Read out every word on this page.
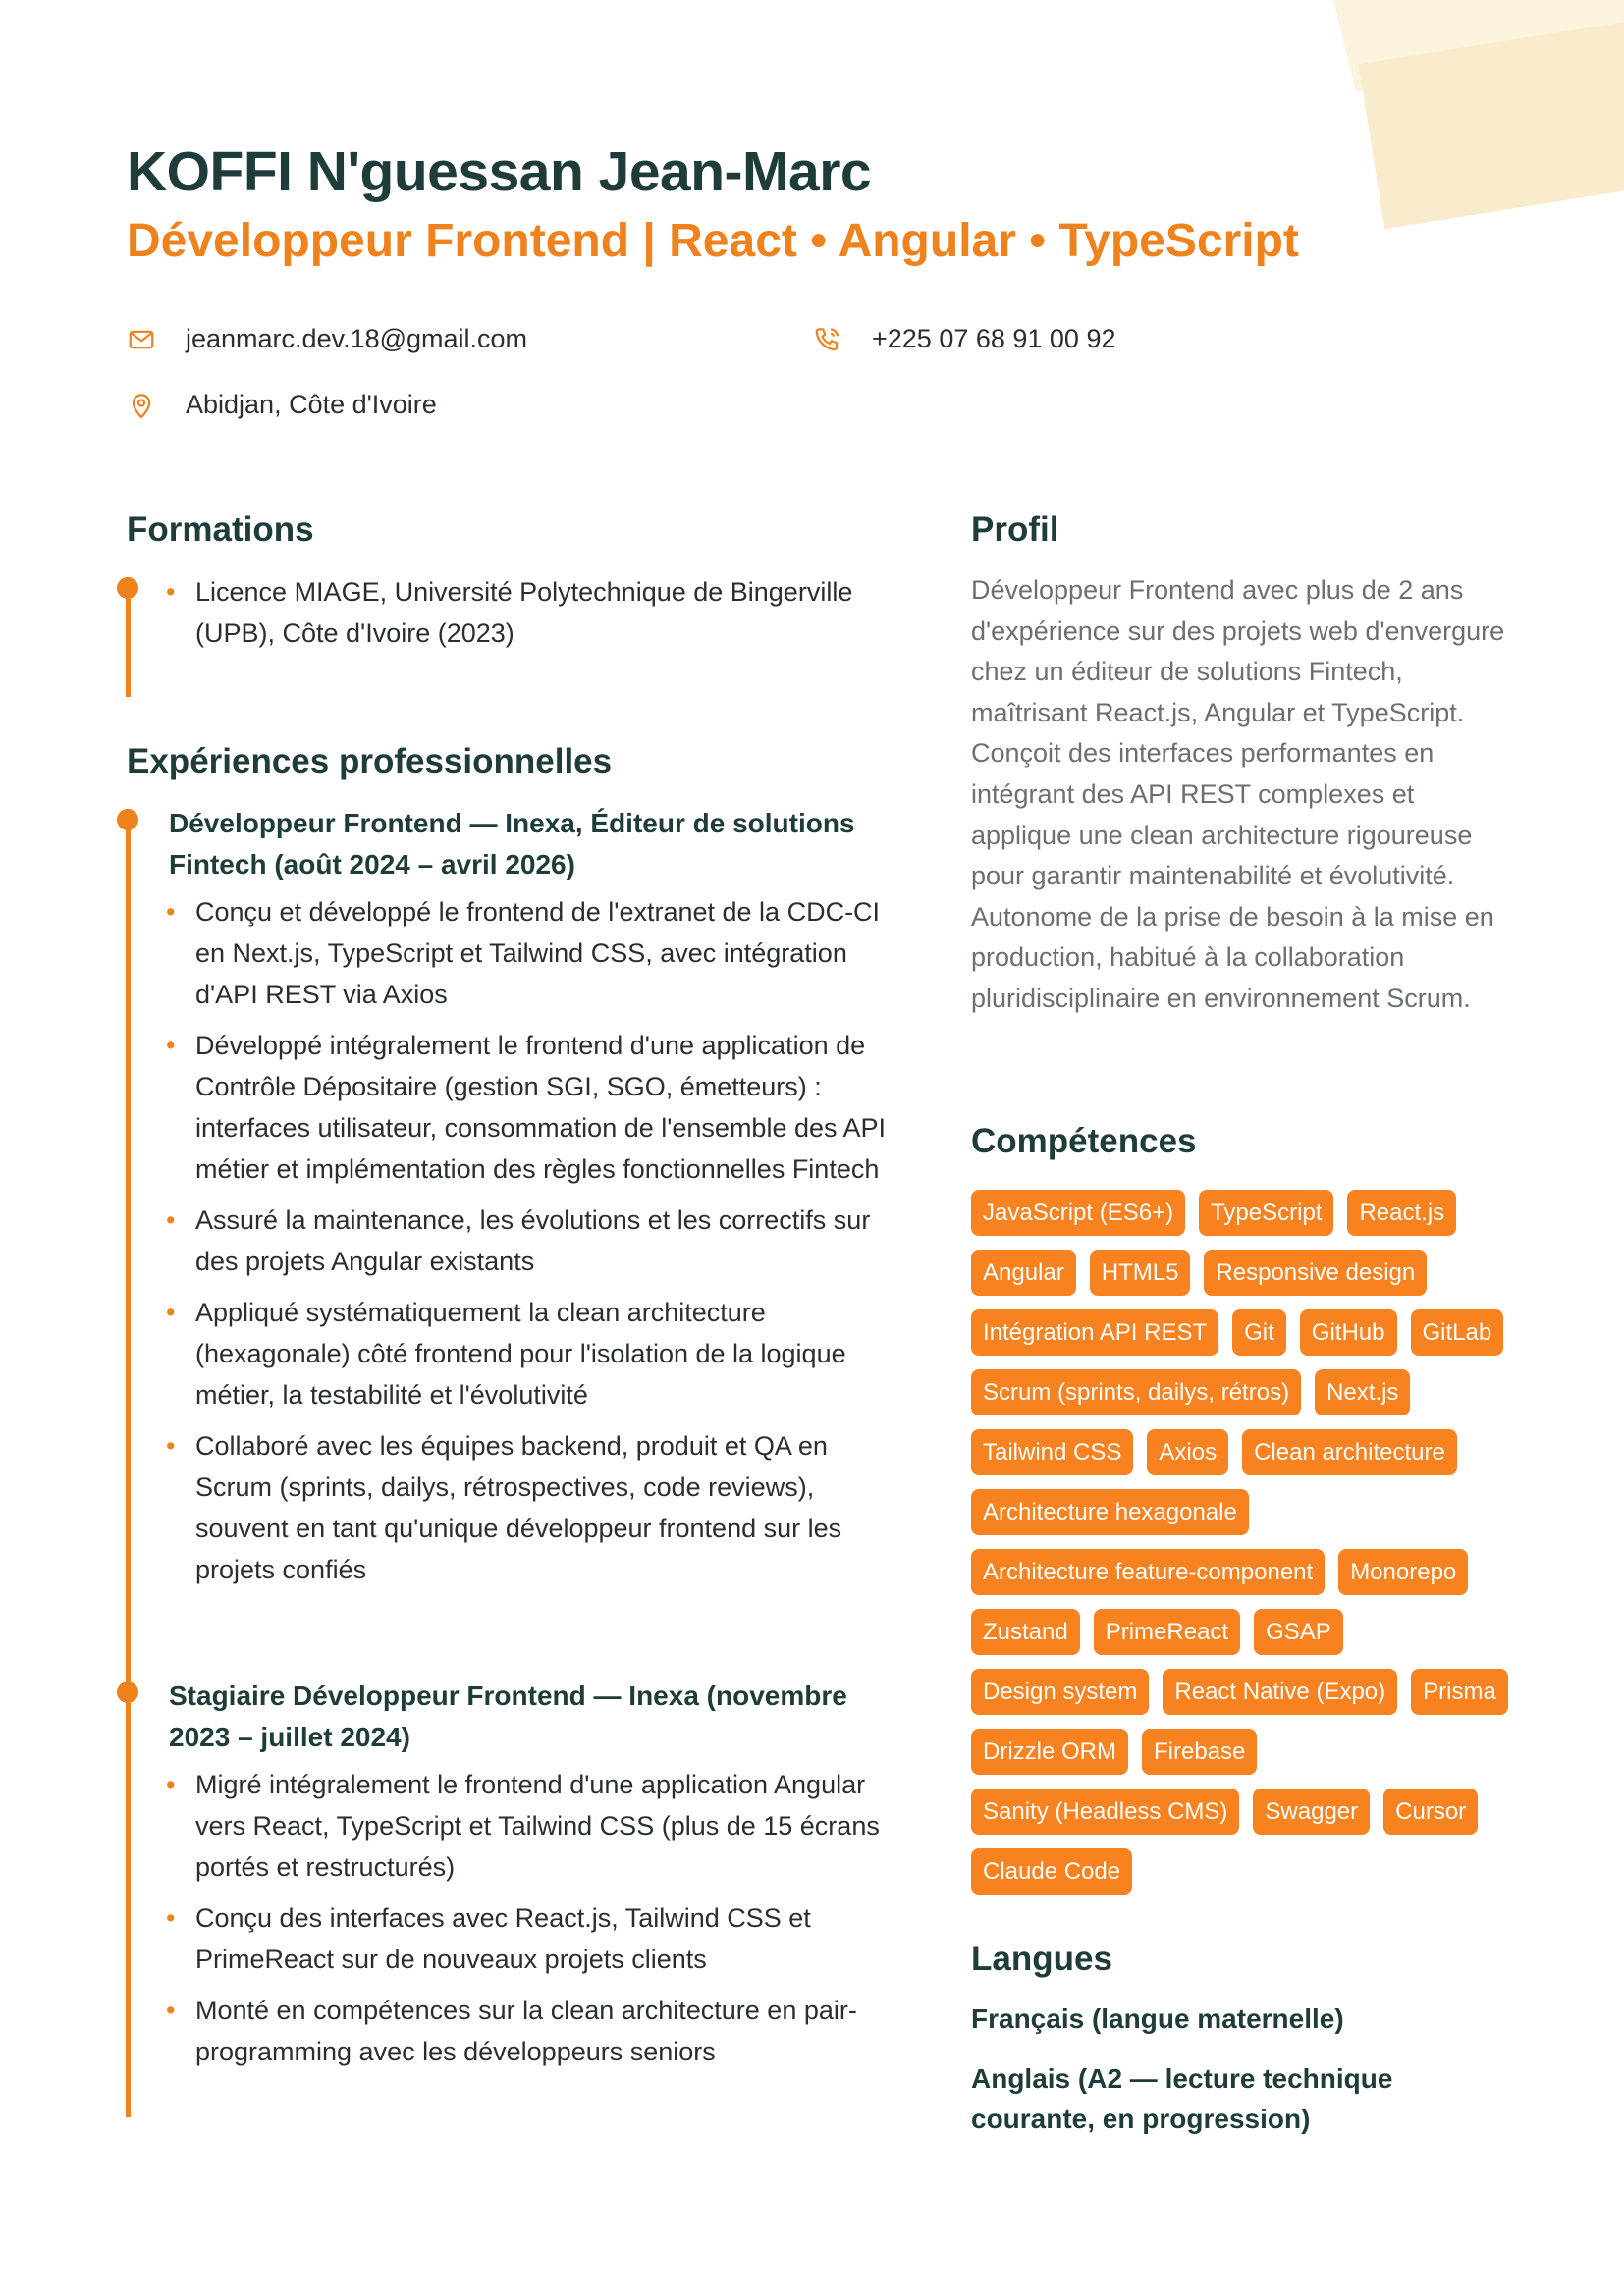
KOFFI N'guessan Jean-Marc
Développeur Frontend | React • Angular • TypeScript
jeanmarc.dev.18@gmail.com	+225 07 68 91 00 92
Abidjan, Côte d'Ivoire
Formations
• Licence MIAGE, Université Polytechnique de Bingerville (UPB), Côte d'Ivoire (2023)
Expériences professionnelles
Développeur Frontend — Inexa, Éditeur de solutions Fintech (août 2024 – avril 2026)
• Conçu et développé le frontend de l'extranet de la CDC-CI en Next.js, TypeScript et Tailwind CSS, avec intégration d'API REST via Axios
• Développé intégralement le frontend d'une application de Contrôle Dépositaire (gestion SGI, SGO, émetteurs) : interfaces utilisateur, consommation de l'ensemble des API métier et implémentation des règles fonctionnelles Fintech
• Assuré la maintenance, les évolutions et les correctifs sur des projets Angular existants
• Appliqué systématiquement la clean architecture (hexagonale) côté frontend pour l'isolation de la logique métier, la testabilité et l'évolutivité
• Collaboré avec les équipes backend, produit et QA en Scrum (sprints, dailys, rétrospectives, code reviews), souvent en tant qu'unique développeur frontend sur les projets confiés
Stagiaire Développeur Frontend — Inexa (novembre 2023 – juillet 2024)
• Migré intégralement le frontend d'une application Angular vers React, TypeScript et Tailwind CSS (plus de 15 écrans portés et restructurés)
• Conçu des interfaces avec React.js, Tailwind CSS et PrimeReact sur de nouveaux projets clients
• Monté en compétences sur la clean architecture en pair-programming avec les développeurs seniors
Profil
Développeur Frontend avec plus de 2 ans d'expérience sur des projets web d'envergure chez un éditeur de solutions Fintech, maîtrisant React.js, Angular et TypeScript. Conçoit des interfaces performantes en intégrant des API REST complexes et applique une clean architecture rigoureuse pour garantir maintenabilité et évolutivité. Autonome de la prise de besoin à la mise en production, habitué à la collaboration pluridisciplinaire en environnement Scrum.
Compétences
JavaScript (ES6+)	TypeScript	React.js
Angular	HTML5	Responsive design
Intégration API REST	Git	GitHub	GitLab
Scrum (sprints, dailys, rétros)	Next.js
Tailwind CSS	Axios	Clean architecture
Architecture hexagonale
Architecture feature-component	Monorepo
Zustand	PrimeReact	GSAP
Design system	React Native (Expo)	Prisma
Drizzle ORM	Firebase
Sanity (Headless CMS)	Swagger	Cursor
Claude Code
Langues
Français (langue maternelle)
Anglais (A2 — lecture technique courante, en progression)
